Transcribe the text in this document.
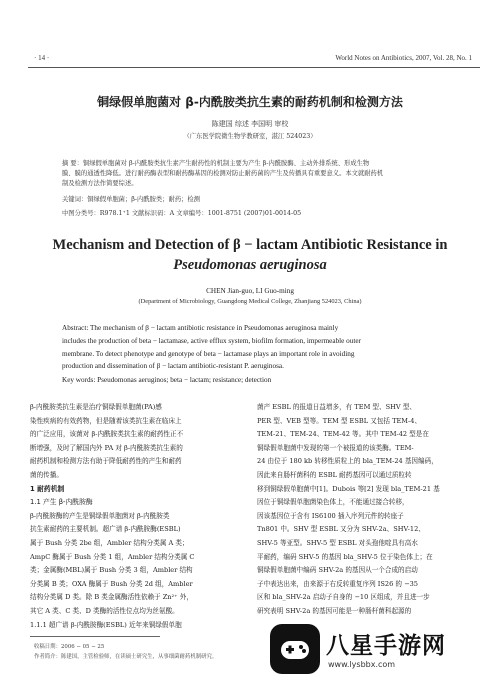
· 14 ·	World Notes on Antibiotics, 2007, Vol. 28, No. 1
铜绿假单胞菌对 β-内酰胺类抗生素的耐药机制和检测方法
陈建国 综述 李国明 审校
（广东医学院微生物学教研室，湛江 524023）
摘 要：铜绿假单胞菌对 β-内酰胺类抗生素产生耐药性的机制主要为产生 β-内酰胺酶、主动外排系统、形成生物
膜、膜的通透性降低。进行耐药酶表型和耐药酶基因的检测对防止耐药菌的产生及传播具有重要意义。本文就耐药机
制及检测方法作简要综述。
关键词：铜绿假单胞菌；β-内酰胺类；耐药；检测
中图分类号：R978.1⁺1 文献标识码：A 文章编号：1001-8751 (2007)01-0014-05
Mechanism and Detection of β − lactam Antibiotic Resistance in
Pseudomonas aeruginosa
CHEN Jian-guo, LI Guo-ming
(Department of Microbiology, Guangdong Medical College, Zhanjiang 524023, China)
Abstract: The mechanism of β − lactam antibiotic resistance in Pseudomonas aeruginosa mainly
includes the production of beta − lactamase, active efflux system, biofilm formation, impermeable outer
membrane. To detect phenotype and genotype of beta − lactamase plays an important role in avoiding
production and dissemination of β − lactam antibiotic-resistant P. aeruginosa.
Key words: Pseudomonas aeruginos; beta − lactam; resistance; detection

β-内酰胺类抗生素是治疗铜绿假单胞菌(PA)感

染性疾病的有效药物，但是随着该类抗生素在临床上

的广泛应用，该菌对 β-内酰胺类抗生素的耐药性正不

断增强，及时了解国内外 PA 对 β-内酰胺类抗生素的

耐药机制和检测方法有助于降低耐药性的产生和耐药

菌的传播。

1 耐药机制

1.1 产生 β-内酰胺酶

β-内酰胺酶的产生是铜绿假单胞菌对 β-内酰胺类

抗生素耐药的主要机制。超广谱 β-内酰胺酶(ESBL)

属于 Bush 分类 2be 组，Ambler 结构分类属 A 类；

AmpC 酶属于 Bush 分类 1 组，Ambler 结构分类属 C

类；金属酶(MBL)属于 Bush 分类 3 组，Ambler 结构

分类属 B 类；OXA 酶属于 Bush 分类 2d 组，Ambler

结构分类属 D 类。除 B 类金属酶活性依赖于 Zn²⁺ 外，

其它 A 类、C 类、D 类酶的活性位点均为丝氨酸。

1.1.1 超广谱 β-内酰胺酶(ESBL) 近年来铜绿假单胞

菌产 ESBL 的报道日益增多，有 TEM 型、SHV 型、

PER 型、VEB 型等。TEM 型 ESBL 又包括 TEM-4、

TEM-21、TEM-24、TEM-42 等。其中 TEM-42 型是在

铜绿假单胞菌中发现的第一个被报道的该类酶。TEM-

24 由位于 180 kb 转移性质粒上的 bla_TEM-24 基因编码，

因此来自肠杆菌科的 ESBL 耐药基因可以通过质粒转

移到铜绿假单胞菌中[1]。Dubois 等[2] 发现 bla_TEM-21 基

因位于铜绿假单胞菌染色体上，不能通过接合转移，

因该基因位于含有 IS6100 插入序列元件的转座子

Tn801 中。SHV 型 ESBL 又分为 SHV-2a、SHV-12、

SHV-5 等亚型。SHV-5 型 ESBL 对头孢他啶具有高水

平耐药，编码 SHV-5 的基因 bla_SHV-5 位于染色体上；在

铜绿假单胞菌中编码 SHV-2a 的基因从一个合成的启动

子中表达出来，由来源于右反转重复序列 IS26 的 −35

区和 bla_SHV-2a 启动子自身的 −10 区组成，并且进一步

研究表明 SHV-2a 的基因可能是一种肠杆菌科起源的

收稿日期：2006 − 05 − 25
作者简介：陈建国，主管检验师，在读硕士研究生，从事细菌耐药机制研究。	八星手游网
www.lysbbx.com
